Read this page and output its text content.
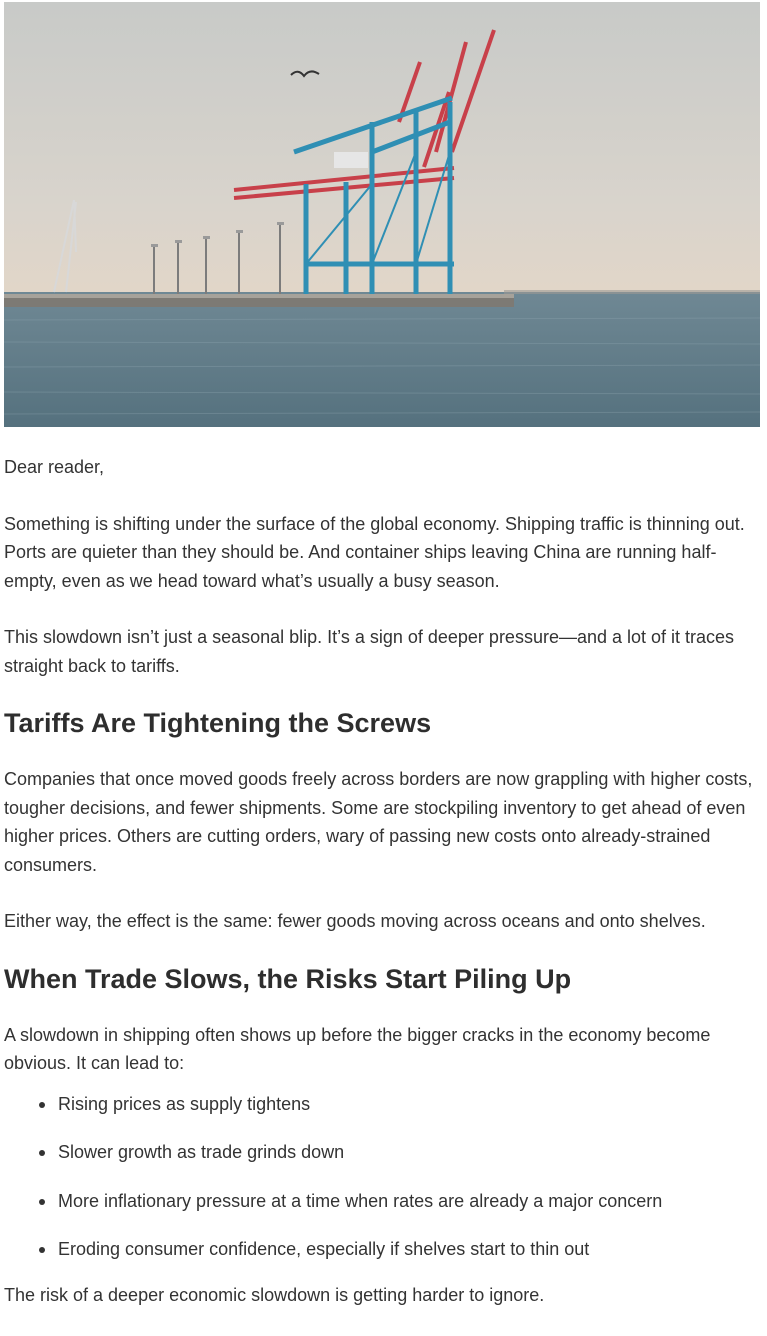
Dear reader,

Something is shifting under the surface of the global economy. Shipping traffic is thinning out. Ports are quieter than they should be. And container ships leaving China are running half-empty, even as we head toward what’s usually a busy season.

This slowdown isn’t just a seasonal blip. It’s a sign of deeper pressure—and a lot of it traces straight back to tariffs.

Tariffs Are Tightening the Screws

Companies that once moved goods freely across borders are now grappling with higher costs, tougher decisions, and fewer shipments. Some are stockpiling inventory to get ahead of even higher prices. Others are cutting orders, wary of passing new costs onto already-strained consumers.

Either way, the effect is the same: fewer goods moving across oceans and onto shelves.

When Trade Slows, the Risks Start Piling Up

A slowdown in shipping often shows up before the bigger cracks in the economy become obvious. It can lead to:

Rising prices as supply tightens
Slower growth as trade grinds down
More inflationary pressure at a time when rates are already a major concern
Eroding consumer confidence, especially if shelves start to thin out

The risk of a deeper economic slowdown is getting harder to ignore.
